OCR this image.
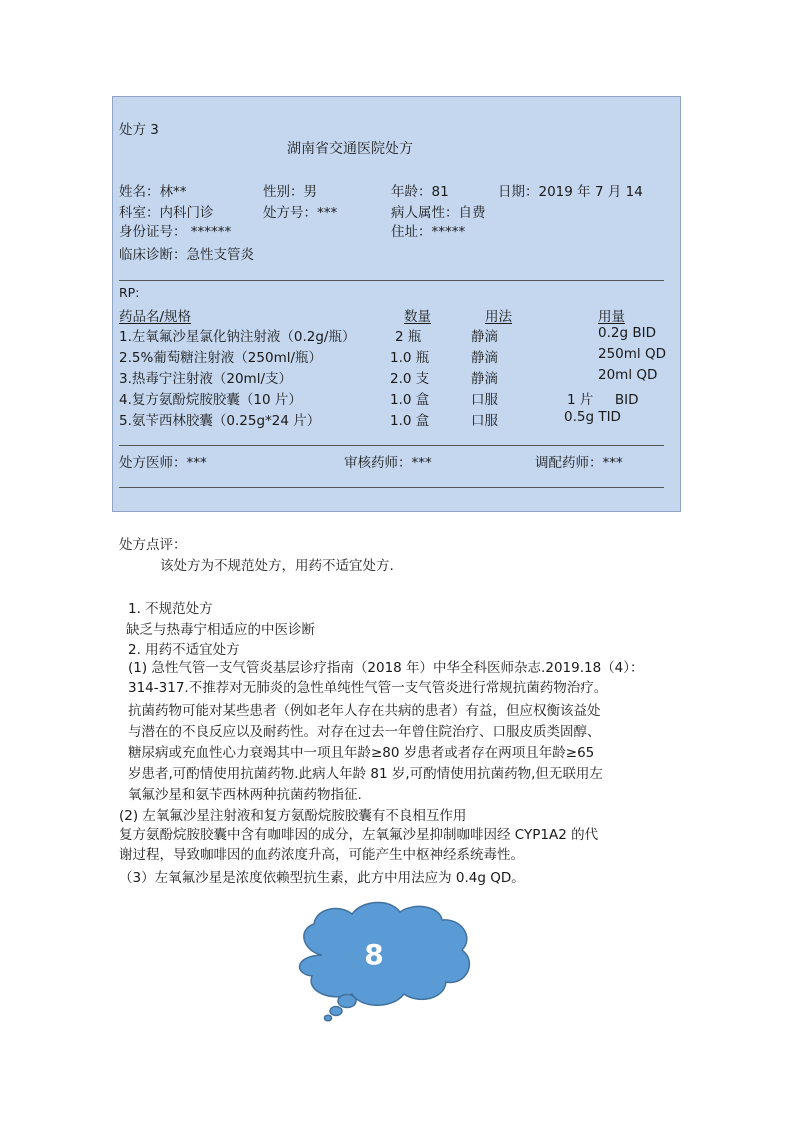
处方 3
湖南省交通医院处方
姓名：林**	性别：男	年龄：81	日期：2019 年 7 月 14
科室：内科门诊	处方号：***	病人属性：自费
身份证号： ******	住址：*****
临床诊断：急性支管炎
RP:
药品名/规格	数量	用法	用量
1.左氧氟沙星氯化钠注射液（0.2g/瓶）	2 瓶	静滴	0.2g BID
2.5%葡萄糖注射液（250ml/瓶）	1.0 瓶	静滴	250ml QD
3.热毒宁注射液（20ml/支）	2.0 支	静滴	20ml QD
4.复方氨酚烷胺胶囊（10 片）	1.0 盒	口服	1 片     BID
5.氨苄西林胶囊（0.25g*24 片）	1.0 盒	口服	0.5g TID
处方医师：***	审核药师：***	调配药师：***
处方点评：
该处方为不规范处方，用药不适宜处方.
1. 不规范处方
缺乏与热毒宁相适应的中医诊断
2. 用药不适宜处方
(1) 急性气管一支气管炎基层诊疗指南（2018 年）中华全科医师杂志.2019.18（4）：
314-317.不推荐对无肺炎的急性单纯性气管一支气管炎进行常规抗菌药物治疗。
抗菌药物可能对某些患者（例如老年人存在共病的患者）有益，但应权衡该益处
与潜在的不良反应以及耐药性。对存在过去一年曾住院治疗、口服皮质类固醇、
糖尿病或充血性心力衰竭其中一项且年龄≥80 岁患者或者存在两项且年龄≥65
岁患者,可酌情使用抗菌药物.此病人年龄 81 岁,可酌情使用抗菌药物,但无联用左
氧氟沙星和氨苄西林两种抗菌药物指征.
(2) 左氧氟沙星注射液和复方氨酚烷胺胶囊有不良相互作用
复方氨酚烷胺胶囊中含有咖啡因的成分，左氧氟沙星抑制咖啡因经 CYP1A2 的代
谢过程，导致咖啡因的血药浓度升高，可能产生中枢神经系统毒性。
（3）左氧氟沙星是浓度依赖型抗生素，此方中用法应为 0.4g QD。
8
